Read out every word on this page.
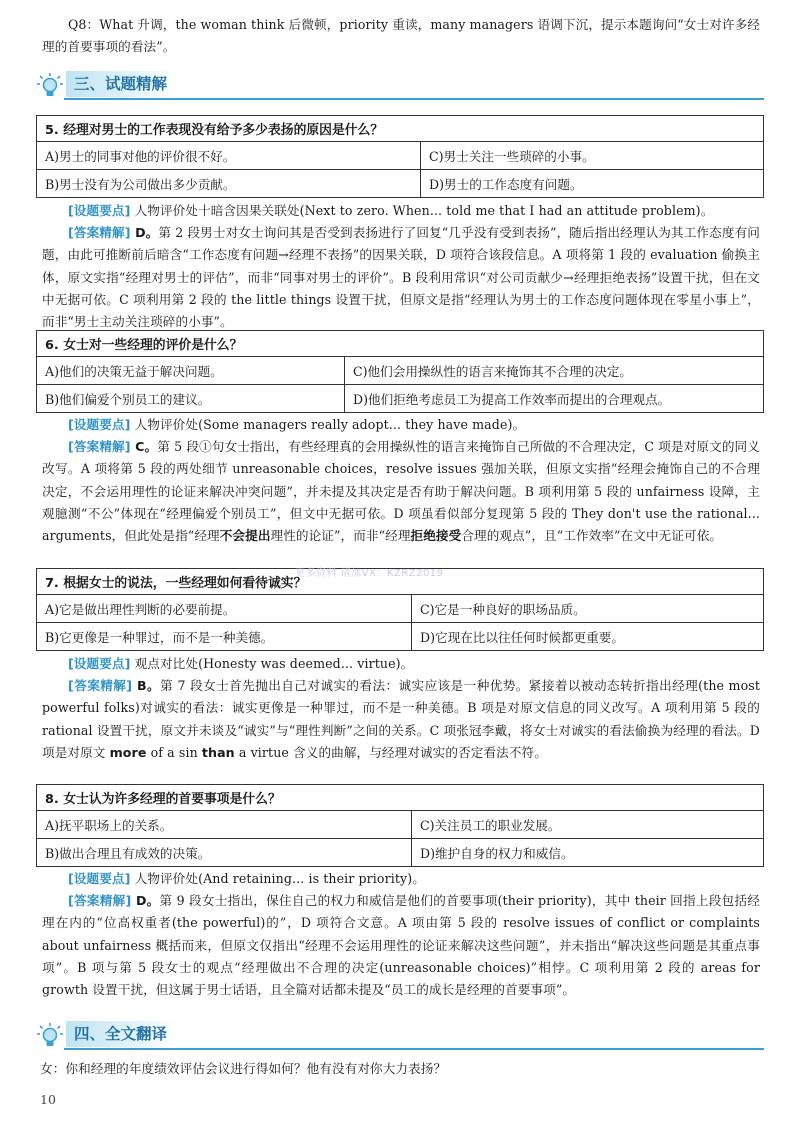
Q8：What 升调，the woman think 后微顿，priority 重读，many managers 语调下沉，提示本题询问“女士对许多经理的首要事项的看法”。

三、试题精解
5. 经理对男士的工作表现没有给予多少表扬的原因是什么？	
A)男士的同事对他的评价很不好。	C)男士关注一些琐碎的小事。
B)男士没有为公司做出多少贡献。	D)男士的工作态度有问题。

[设题要点] 人物评价处十暗含因果关联处(Next to zero. When... told me that I had an attitude problem)。

[答案精解] D。第 2 段男士对女士询问其是否受到表扬进行了回复“几乎没有受到表扬”，随后指出经理认为其工作态度有问题，由此可推断前后暗含“工作态度有问题→经理不表扬”的因果关联，D 项符合该段信息。A 项将第 1 段的 evaluation 偷换主体，原文实指“经理对男士的评估”，而非“同事对男士的评价”。B 段利用常识“对公司贡献少→经理拒绝表扬”设置干扰，但在文中无据可依。C 项利用第 2 段的 the little things 设置干扰，但原文是指“经理认为男士的工作态度问题体现在零星小事上”，而非“男士主动关注琐碎的小事”。

6. 女士对一些经理的评价是什么？	
A)他们的决策无益于解决问题。	C)他们会用操纵性的语言来掩饰其不合理的决定。
B)他们偏爱个别员工的建议。	D)他们拒绝考虑员工为提高工作效率而提出的合理观点。

[设题要点] 人物评价处(Some managers really adopt... they have made)。

[答案精解] C。第 5 段①句女士指出，有些经理真的会用操纵性的语言来掩饰自己所做的不合理决定，C 项是对原文的同义改写。A 项将第 5 段的两处细节 unreasonable choices，resolve issues 强加关联，但原文实指“经理会掩饰自己的不合理决定，不会运用理性的论证来解决冲突问题”，并未提及其决定是否有助于解决问题。B 项利用第 5 段的 unfairness 设障，主观臆测“不公”体现在“经理偏爱个别员工”，但文中无据可依。D 项虽看似部分复现第 5 段的 They don't use the rational... arguments，但此处是指“经理不会提出理性的论证”，而非“经理拒绝接受合理的观点”，且“工作效率”在文中无证可依。

7. 根据女士的说法，一些经理如何看待诚实？	
A)它是做出理性判断的必要前提。	C)它是一种良好的职场品质。
B)它更像是一种罪过，而不是一种美德。	D)它现在比以往任何时候都更重要。
更多资料 请加VX：KZRZ2019

[设题要点] 观点对比处(Honesty was deemed... virtue)。

[答案精解] B。第 7 段女士首先抛出自己对诚实的看法：诚实应该是一种优势。紧接着以被动态转折指出经理(the most powerful folks)对诚实的看法：诚实更像是一种罪过，而不是一种美德。B 项是对原文信息的同义改写。A 项利用第 5 段的 rational 设置干扰，原文并未谈及“诚实”与“理性判断”之间的关系。C 项张冠李戴，将女士对诚实的看法偷换为经理的看法。D 项是对原文 more of a sin than a virtue 含义的曲解，与经理对诚实的否定看法不符。

8. 女士认为许多经理的首要事项是什么？	
A)抚平职场上的关系。	C)关注员工的职业发展。
B)做出合理且有成效的决策。	D)维护自身的权力和威信。

[设题要点] 人物评价处(And retaining... is their priority)。

[答案精解] D。第 9 段女士指出，保住自己的权力和威信是他们的首要事项(their priority)，其中 their 回指上段包括经理在内的“位高权重者(the powerful)的”，D 项符合文意。A 项由第 5 段的 resolve issues of conflict or complaints about unfairness 概括而来，但原文仅指出“经理不会运用理性的论证来解决这些问题”，并未指出“解决这些问题是其重点事项”。B 项与第 5 段女士的观点“经理做出不合理的决定(unreasonable choices)”相悖。C 项利用第 2 段的 areas for growth 设置干扰，但这属于男士话语，且全篇对话都未提及“员工的成长是经理的首要事项”。

四、全文翻译

女：你和经理的年度绩效评估会议进行得如何？他有没有对你大力表扬？

10
